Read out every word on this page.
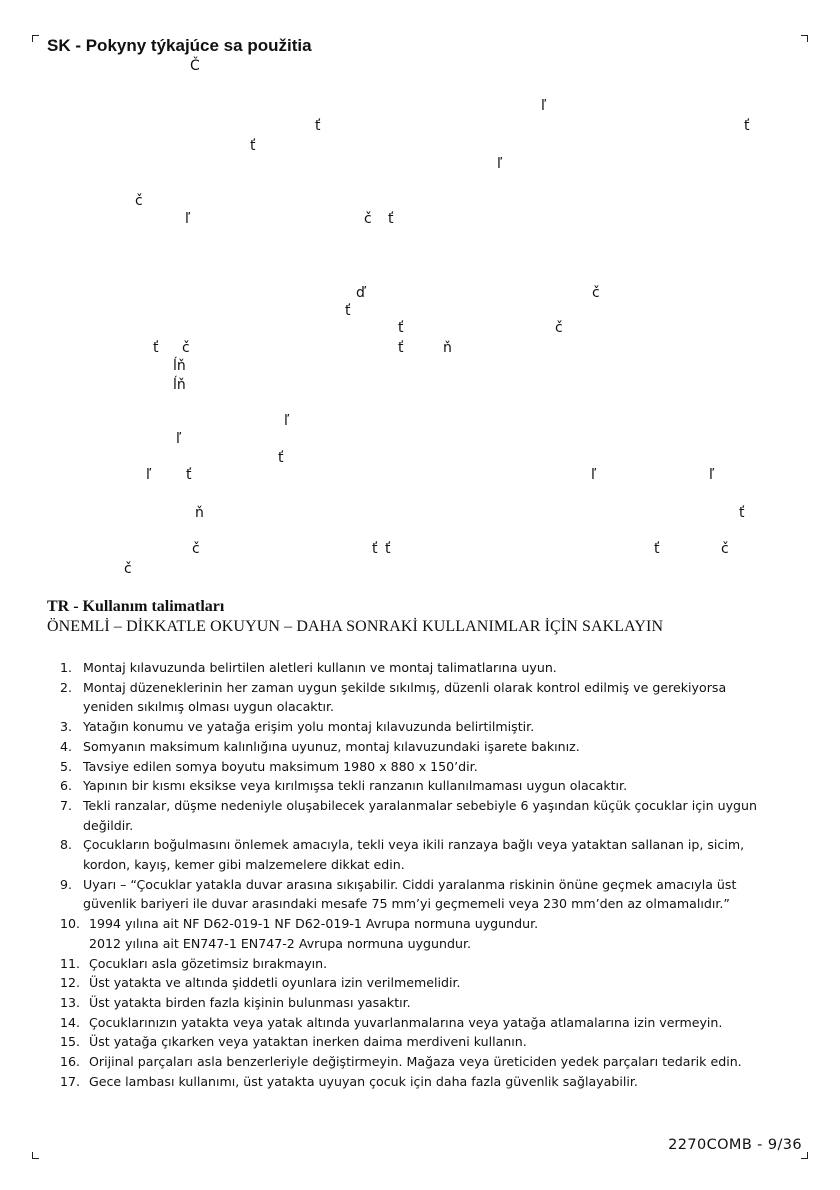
SK - Pokyny týkajúce sa použitia
Č
ľ
ť	ť
ť
ľ
č
ľ	č ť
ď	č
ť
ť	č
ť č	ť	ň
ĺň
ĺň
ľ
ľ
ť
ľ ť	ľ	ľ
ň	ť
č	ť ť	ť	č
č
TR - Kullanım talimatları
ÖNEMLİ – DİKKATLE OKUYUN – DAHA SONRAKİ KULLANIMLAR İÇİN SAKLAYIN
1. Montaj kılavuzunda belirtilen aletleri kullanın ve montaj talimatlarına uyun.
2. Montaj düzeneklerinin her zaman uygun şekilde sıkılmış, düzenli olarak kontrol edilmiş ve gerekiyorsa
yeniden sıkılmış olması uygun olacaktır.
3. Yatağın konumu ve yatağa erişim yolu montaj kılavuzunda belirtilmiştir.
4. Somyanın maksimum kalınlığına uyunuz, montaj kılavuzundaki işarete bakınız.
5. Tavsiye edilen somya boyutu maksimum 1980 x 880 x 150’dir.
6. Yapının bir kısmı eksikse veya kırılmışsa tekli ranzanın kullanılmaması uygun olacaktır.
7. Tekli ranzalar, düşme nedeniyle oluşabilecek yaralanmalar sebebiyle 6 yaşından küçük çocuklar için uygun
değildir.
8. Çocukların boğulmasını önlemek amacıyla, tekli veya ikili ranzaya bağlı veya yataktan sallanan ip, sicim,
kordon, kayış, kemer gibi malzemelere dikkat edin.
9. Uyarı – “Çocuklar yatakla duvar arasına sıkışabilir. Ciddi yaralanma riskinin önüne geçmek amacıyla üst
güvenlik bariyeri ile duvar arasındaki mesafe 75 mm’yi geçmemeli veya 230 mm’den az olmamalıdır.”
10. 1994 yılına ait NF D62-019-1 NF D62-019-1 Avrupa normuna uygundur.
2012 yılına ait EN747-1 EN747-2 Avrupa normuna uygundur.
11. Çocukları asla gözetimsiz bırakmayın.
12. Üst yatakta ve altında şiddetli oyunlara izin verilmemelidir.
13. Üst yatakta birden fazla kişinin bulunması yasaktır.
14. Çocuklarınızın yatakta veya yatak altında yuvarlanmalarına veya yatağa atlamalarına izin vermeyin.
15. Üst yatağa çıkarken veya yataktan inerken daima merdiveni kullanın.
16. Orijinal parçaları asla benzerleriyle değiştirmeyin. Mağaza veya üreticiden yedek parçaları tedarik edin.
17. Gece lambası kullanımı, üst yatakta uyuyan çocuk için daha fazla güvenlik sağlayabilir.
2270COMB - 9/36
